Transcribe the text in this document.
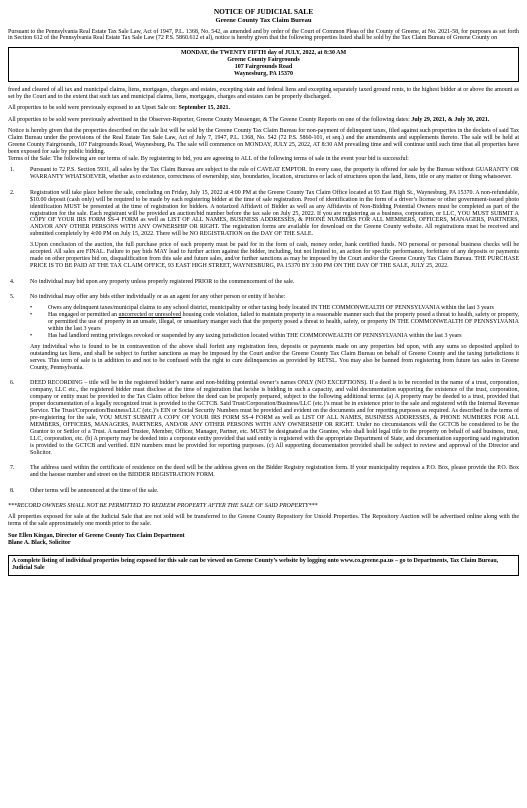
NOTICE OF JUDICIAL SALE
Greene County Tax Claim Bureau

Pursuant to the Pennsylvania Real Estate Tax Sale Law, Act of 1947, P.L. 1368, No. 542, as amended and by order of the Court of Common Pleas of the County of Greene, at No. 2021-58, for purposes as set forth in Section 612 of the Pennsylvania Real Estate Tax Sale Law (72 P.S. 5860.612 et al), notice is hereby given that the following properties listed shall be sold by the Tax Claim Bureau of Greene County on

MONDAY, the TWENTY FIFTH day of JULY, 2022, at 8:30 AM
Greene County Fairgrounds
107 Fairgrounds Road
Waynesburg, PA 15370

freed and cleared of all tax and municipal claims, liens, mortgages, charges and estates, excepting state and federal liens and excepting separately taxed ground rents, to the highest bidder at or above the amount as set by the Court and to the extent that such tax and municipal claims, liens, mortgages, charges and estates can be properly discharged.

All properties to be sold were previously exposed to an Upset Sale on: September 15, 2021.

All properties to be sold were previously advertised in the Observer-Reporter, Greene County Messenger, & The Greene County Reports on one of the following dates: July 29, 2021, & July 30, 2021.

Notice is hereby given that the properties described on the sale list will be sold by the Greene County Tax Claim Bureau for non-payment of delinquent taxes, filed against such properties in the dockets of said Tax Claim Bureau under the provisions of the Real Estate Tax Sale Law, Act of July 7, 1947, P.L. 1368, No. 542 (72 P.S. 5860-101, et seq.) and the amendments and supplements thereto. The sale will be held at Greene County Fairgrounds, 107 Fairgrounds Road, Waynesburg, Pa. The sale will commence on MONDAY, JULY 25, 2022, AT 8:30 AM prevailing time and will continue until such time that all properties have been exposed for sale by public bidding.

Terms of the Sale: The following are our terms of sale. By registering to bid, you are agreeing to ALL of the following terms of sale in the event your bid is successful:

1.	Pursuant to 72 P.S. Section 5931, all sales by the Tax Claim Bureau are subject to the rule of CAVEAT EMPTOR. In every case, the property is offered for sale by the Bureau without GUARANTY OR WARRANTY WHATSOEVER, whether as to existence, correctness of ownership, size, boundaries, location, structures or lack of structures upon the land, liens, title or any matter or thing whatsoever.

2.	Registration will take place before the sale, concluding on Friday, July 15, 2022 at 4:00 PM at the Greene County Tax Claim Office located at 93 East High St., Waynesburg, PA 15370. A non-refundable, $10.00 deposit (cash only) will be required to be made by each registering bidder at the time of sale registration. Proof of identification in the form of a driver’s license or other government-issued photo identification MUST be presented at the time of registration for bidders. A notarized Affidavit of Bidder as well as any Affidavits of Non-Bidding Potential Owners must be completed as part of the registration for the sale. Each registrant will be provided an auction/bid number before the tax sale on July 25, 2022. If you are registering as a business, corporation, or LLC, YOU MUST SUBMIT A COPY OF YOUR IRS FORM SS-4 FORM as well as LIST OF ALL NAMES, BUSINESS ADDRESSES, & PHONE NUMBERS FOR ALL MEMBERS, OFFICERS, MANAGERS, PARTNERS, AND/OR ANY OTHER PERSONS WITH ANY OWNERSHIP OR RIGHT. The registration forms are available for download on the Greene County website. All registrations must be received and submitted completely by 4:00 PM on July 15, 2022. There will be NO REGISTRATION on the DAY OF THE SALE.

3.Upon conclusion of the auction, the full purchase price of each property must be paid for in the form of cash, money order, bank certified funds. NO personal or personal business checks will be accepted. All sales are FINAL. Failure to pay bids MAY lead to further action against the bidder, including, but not limited to, an action for specific performance, forfeiture of any deposits or payments made on other properties bid on, disqualification from this sale and future sales, and/or further sanctions as may be imposed by the Court and/or the Greene County Tax Claim Bureau. THE PURCHASE PRICE IS TO BE PAID AT THE TAX CLAIM OFFICE, 93 EAST HIGH STREET, WAYNESBURG, PA 15370 BY 3:00 PM ON THE DAY OF THE SALE, JULY 25, 2022.

4.	No individual may bid upon any property unless properly registered PRIOR to the commencement of the sale.

5.	No individual may offer any bids either individually or as an agent for any other person or entity if he/she:

•	Owes any delinquent taxes/municipal claims to any school district, municipality or other taxing body located IN THE COMMONWEALTH OF PENNSYLVANIA within the last 3 years
•	Has engaged or permitted an uncorrected or unresolved housing code violation, failed to maintain property in a reasonable manner such that the property posed a threat to health, safety or property, or permitted the use of property in an unsafe, illegal, or unsanitary manger such that the property posed a threat to health, safety, or property IN THE COMMONWEALTH OF PENNSYLVANIA within the last 3 years
•	Has had landlord renting privileges revoked or suspended by any taxing jurisdiction located within THE COMMONWEALTH OF PENNSYLVANIA within the last 3 years

Any individual who is found to be in contravention of the above shall forfeit any registration fees, deposits or payments made on any properties bid upon, with any sums so deposited applied to outstanding tax liens, and shall be subject to further sanctions as may be imposed by the Court and/or the Greene County Tax Claim Bureau on behalf of Greene County and the taxing jurisdictions it serves. This term of sale is in addition to and not to be confused with the right to cure delinquencies as provided by RETSL. You may also be banned from registering from future tax sales in Greene County, Pennsylvania.

6.	DEED RECORDING – title will be in the registered bidder’s name and non-bidding potential owner’s names ONLY (NO EXCEPTIONS). If a deed is to be recorded in the name of a trust, corporation, company, LLC etc., the registered bidder must disclose at the time of registration that he/she is bidding in such a capacity, and valid documentation supporting the existence of the trust, corporation, company or entity must be provided to the Tax Claim office before the deed can be properly prepared, subject to the following additional terms: (a) A property may be deeded to a trust, provided that proper documentation of a legally recognized trust is provided to the GCTCB. Said Trust/Corporation/Business/LLC (etc.)’s must be in existence prior to the sale and registered with the Internal Revenue Service. The Trust/Corporation/Business/LLC (etc.)’s EIN or Social Security Numbers must be provided and evident on the documents and for reporting purposes as required. As described in the terms of pre-registering for the sale, YOU MUST SUBMIT A COPY OF YOUR IRS FORM SS-4 FORM as well as LIST OF ALL NAMES, BUSINESS ADDRESSES, & PHONE NUMBERS FOR ALL MEMBERS, OFFICERS, MANAGERS, PARTNERS, AND/OR ANY OTHER PERSONS WITH ANY OWNERSHIP OR RIGHT. Under no circumstances will the GCTCB be considered to be the Grantor to or Settlor of a Trust. A named Trustee, Member, Officer, Manager, Partner, etc. MUST be designated as the Grantee, who shall hold legal title to the property on behalf of said business, trust, LLC, corporation, etc. (b) A property may be deeded into a corporate entity provided that said entity is registered with the appropriate Department of State, and documentation supporting said registration is provided to the GCTCB and verified. EIN numbers must be provided for reporting purposes. (c) All supporting documentation provided shall be subject to review and approval of the Director and Solicitor.

7.	The address used within the certificate of residence on the deed will be the address given on the Bidder Registry registration form. If your municipality requires a P.O. Box, please provide the P.O. Box and the haouse number and street on the BIDDER REGISTRATION FORM.

8.	Other terms will be announced at the time of the sale.

***RECORD OWNERS SHALL NOT BE PERMITTED TO REDEEM PROPERTY AFTER THE SALE OF SAID PROPERTY***

All properties exposed for sale at the Judicial Sale that are not sold will be transferred to the Greene County Repository for Unsold Properties. The Repository Auction will be advertised online along with the terms of the sale approximately one month prior to the sale.

Sue Ellen Kingan, Director of Greene County Tax Claim Department
Blane A. Black, Solicitor
A complete listing of individual properties being exposed for this sale can be viewed on Greene County’s website by logging onto www.co.greene.pa.us – go to Departments, Tax Claim Bureau, Judicial Sale
